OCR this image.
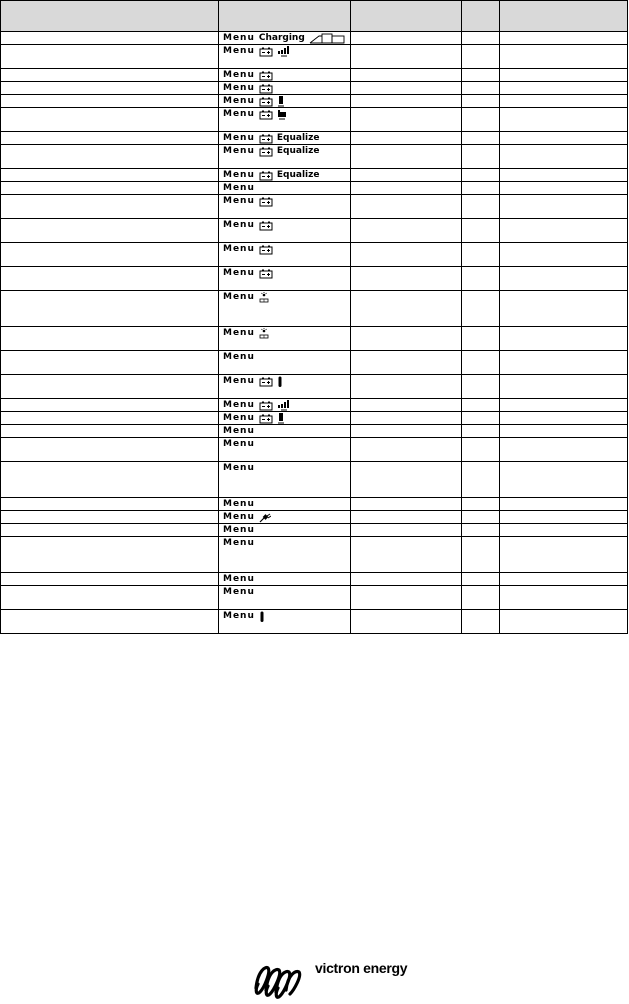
	Menu Charging			

	Menu			

	Menu			

	Menu			

	Menu			

	Menu			

	Menu Equalize			

	Menu Equalize			

	Menu Equalize			

	Menu			

	Menu			

	Menu			

	Menu			

	Menu			

	Menu			

	Menu			

	Menu			

	Menu			

	Menu			

	Menu			

	Menu			

	Menu			

	Menu			

	Menu			

	Menu			

	Menu			

	Menu			

	Menu			

	Menu			

	Menu			

victron energy
